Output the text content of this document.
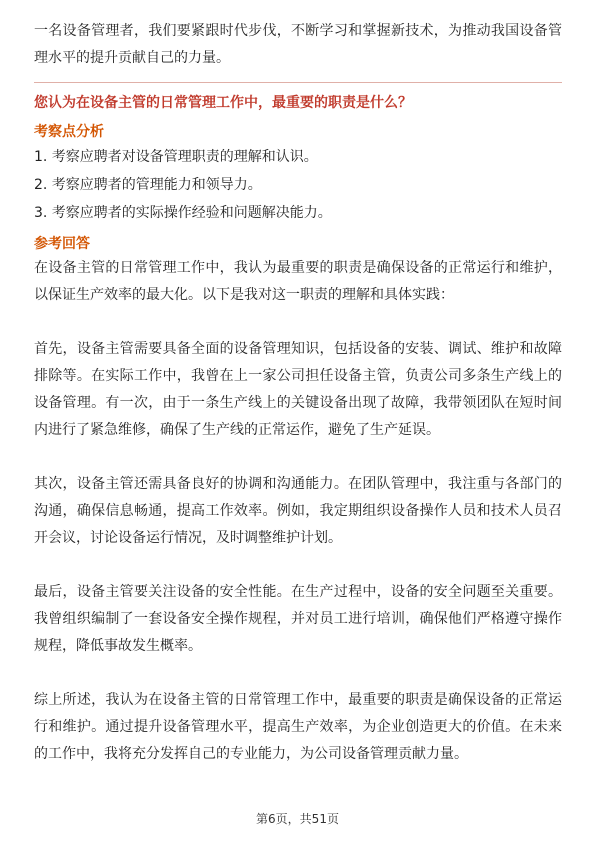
一名设备管理者，我们要紧跟时代步伐，不断学习和掌握新技术，为推动我国设备管理水平的提升贡献自己的力量。

您认为在设备主管的日常管理工作中，最重要的职责是什么？

考察点分析

1. 考察应聘者对设备管理职责的理解和认识。
2. 考察应聘者的管理能力和领导力。
3. 考察应聘者的实际操作经验和问题解决能力。

参考回答

在设备主管的日常管理工作中，我认为最重要的职责是确保设备的正常运行和维护，以保证生产效率的最大化。以下是我对这一职责的理解和具体实践：

首先，设备主管需要具备全面的设备管理知识，包括设备的安装、调试、维护和故障排除等。在实际工作中，我曾在上一家公司担任设备主管，负责公司多条生产线上的设备管理。有一次，由于一条生产线上的关键设备出现了故障，我带领团队在短时间内进行了紧急维修，确保了生产线的正常运作，避免了生产延误。

其次，设备主管还需具备良好的协调和沟通能力。在团队管理中，我注重与各部门的沟通，确保信息畅通，提高工作效率。例如，我定期组织设备操作人员和技术人员召开会议，讨论设备运行情况，及时调整维护计划。

最后，设备主管要关注设备的安全性能。在生产过程中，设备的安全问题至关重要。我曾组织编制了一套设备安全操作规程，并对员工进行培训，确保他们严格遵守操作规程，降低事故发生概率。

综上所述，我认为在设备主管的日常管理工作中，最重要的职责是确保设备的正常运行和维护。通过提升设备管理水平，提高生产效率，为企业创造更大的价值。在未来的工作中，我将充分发挥自己的专业能力，为公司设备管理贡献力量。

第6页，共51页
